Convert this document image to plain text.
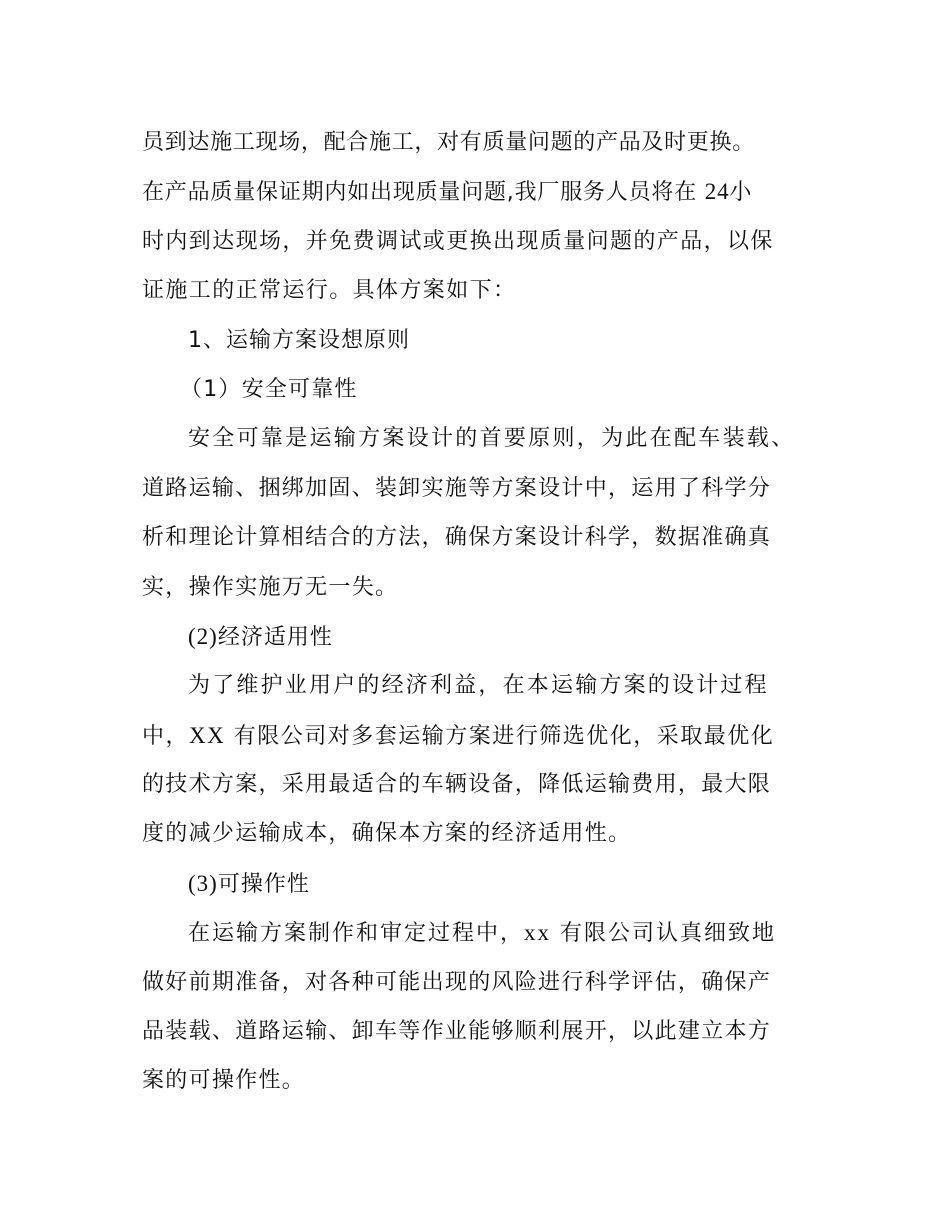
员到达施工现场，配合施工，对有质量问题的产品及时更换。
在产品质量保证期内如出现质量问题,我厂服务人员将在 24小
时内到达现场，并免费调试或更换出现质量问题的产品，以保
证施工的正常运行。具体方案如下：
1、运输方案设想原则
（1）安全可靠性
安全可靠是运输方案设计的首要原则，为此在配车装载、
道路运输、捆绑加固、装卸实施等方案设计中，运用了科学分
析和理论计算相结合的方法，确保方案设计科学，数据准确真
实，操作实施万无一失。
(2)经济适用性
为了维护业用户的经济利益，在本运输方案的设计过程
中，XX 有限公司对多套运输方案进行筛选优化，采取最优化
的技术方案，采用最适合的车辆设备，降低运输费用，最大限
度的减少运输成本，确保本方案的经济适用性。
(3)可操作性
在运输方案制作和审定过程中，xx 有限公司认真细致地
做好前期准备，对各种可能出现的风险进行科学评估，确保产
品装载、道路运输、卸车等作业能够顺利展开，以此建立本方
案的可操作性。
